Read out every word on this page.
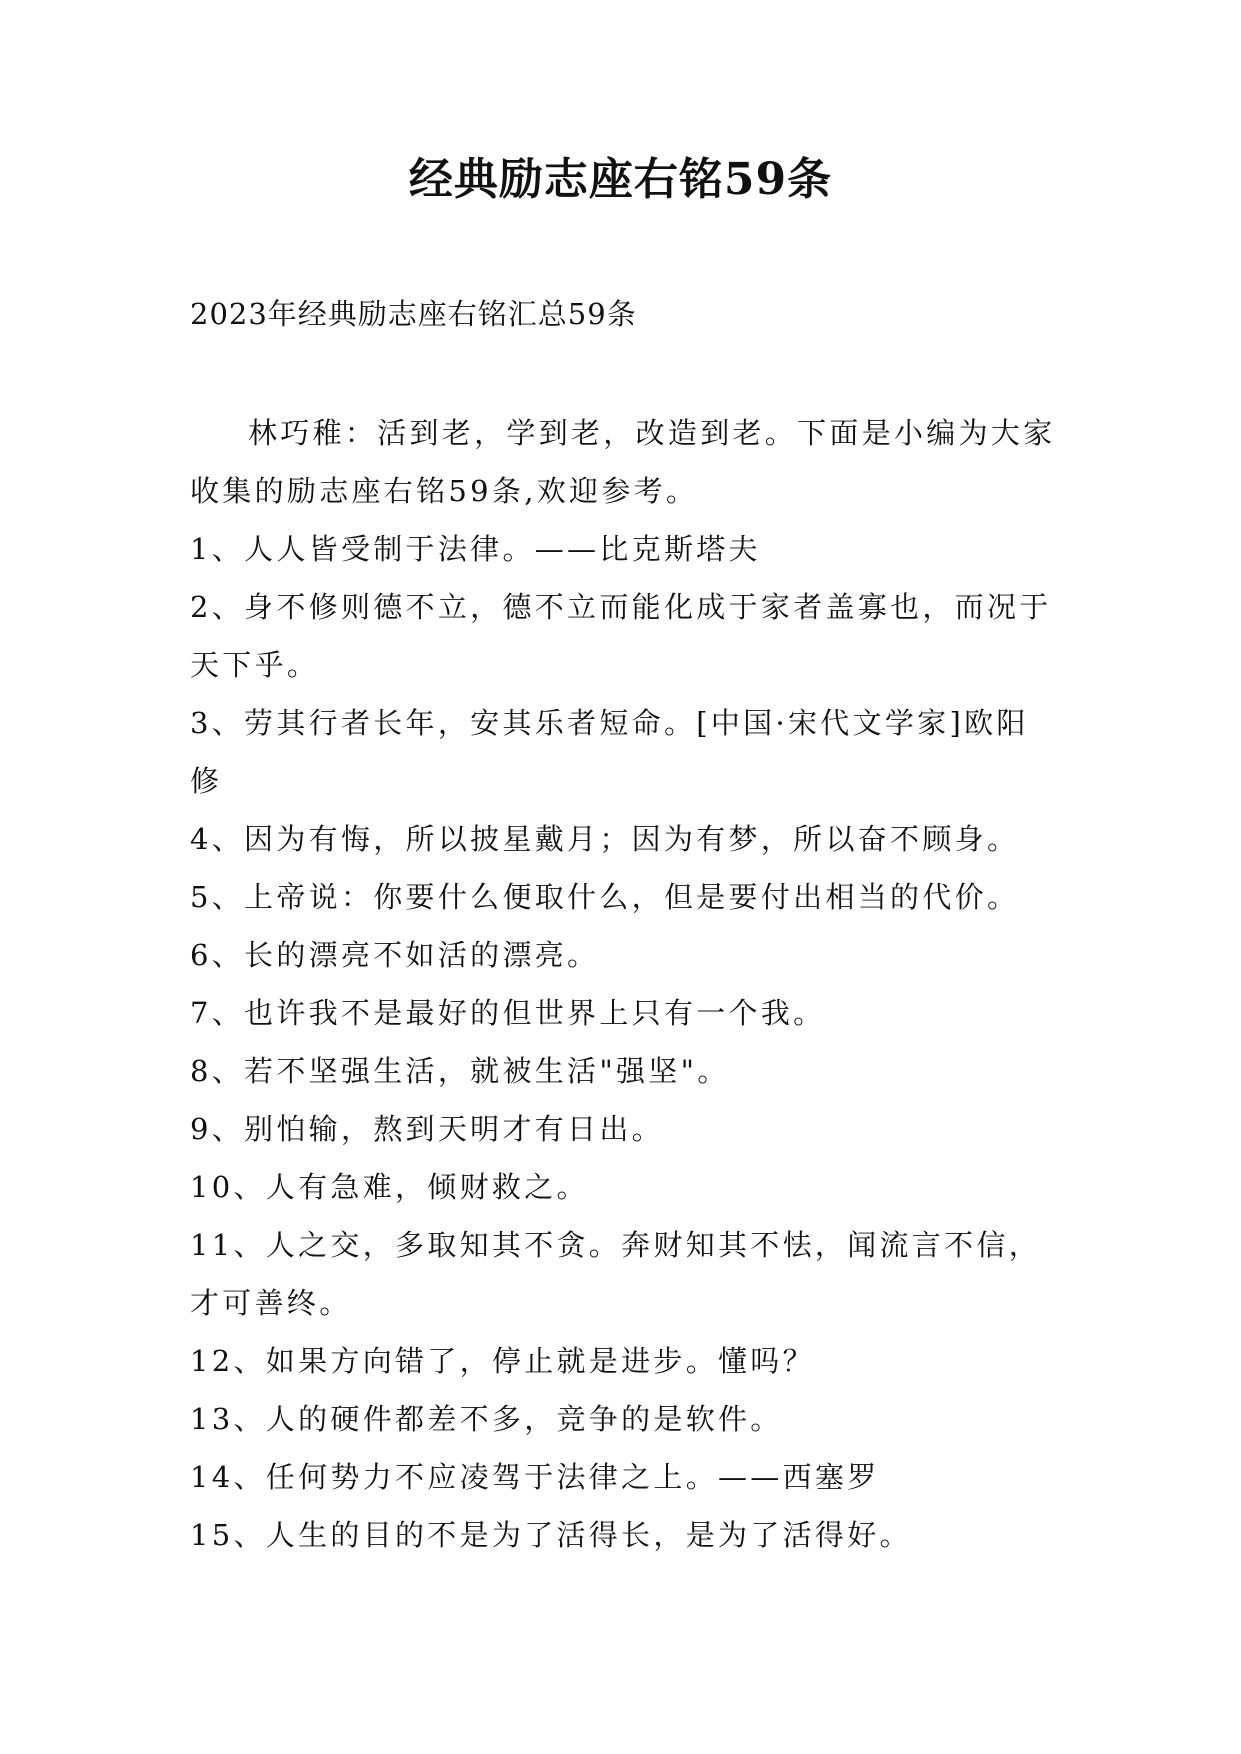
经典励志座右铭59条
2023年经典励志座右铭汇总59条

林巧稚：活到老，学到老，改造到老。下面是小编为大家收集的励志座右铭59条,欢迎参考。

1、人人皆受制于法律。——比克斯塔夫

2、身不修则德不立，德不立而能化成于家者盖寡也，而况于天下乎。

3、劳其行者长年，安其乐者短命。[中国·宋代文学家]欧阳修

4、因为有悔，所以披星戴月；因为有梦，所以奋不顾身。

5、上帝说：你要什么便取什么，但是要付出相当的代价。

6、长的漂亮不如活的漂亮。

7、也许我不是最好的但世界上只有一个我。

8、若不坚强生活，就被生活"强坚"。

9、别怕输，熬到天明才有日出。

10、人有急难，倾财救之。

11、人之交，多取知其不贪。奔财知其不怯，闻流言不信，才可善终。

12、如果方向错了，停止就是进步。懂吗？

13、人的硬件都差不多，竞争的是软件。

14、任何势力不应凌驾于法律之上。——西塞罗

15、人生的目的不是为了活得长，是为了活得好。
